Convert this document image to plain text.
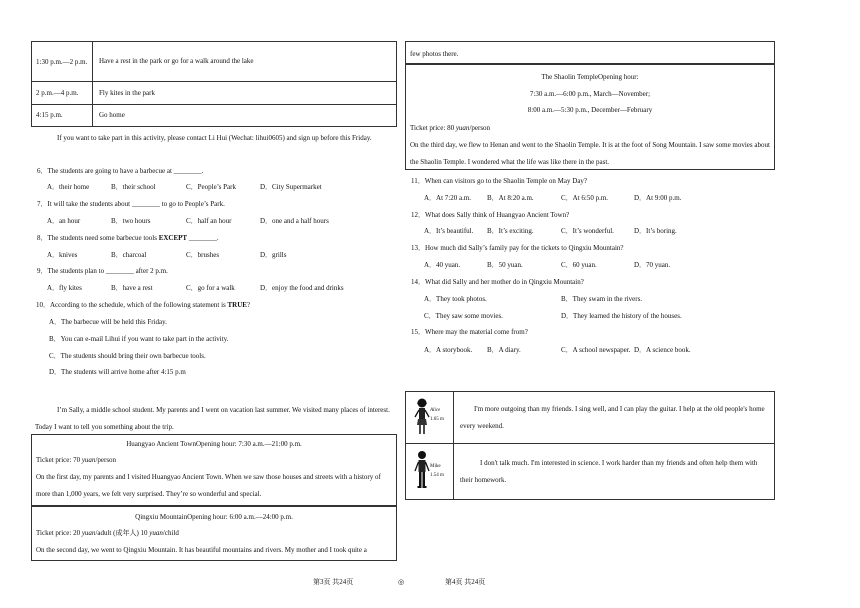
1:30 p.m.—2 p.m.	Have a rest in the park or go for a walk around the lake
2 p.m.—4 p.m.	Fly kites in the park
4:15 p.m.	Go home

If you want to take part in this activity, please contact Li Hui (Wechat: lihui0605) and sign up before this Friday.

6．The students are going to have a barbecue at ________.
A．their home	B．their school	C．People’s Park	D．City Supermarket
7．It will take the students about ________ to go to People’s Park.
A．an hour	B．two hours	C．half an hour	D．one and a half hours
8．The students need some barbecue tools EXCEPT ________.
A．knives	B．charcoal	C．brushes	D．grills
9．The students plan to ________ after 2 p.m.
A．fly kites	B．have a rest	C．go for a walk	D．enjoy the food and drinks
10．According to the schedule, which of the following statement is TRUE?
A．The barbecue will be held this Friday.
B．You can e-mail Lihui if you want to take part in the activity.
C．The students should bring their own barbecue tools.
D．The students will arrive home after 4:15 p.m

I’m Sally, a middle school student. My parents and I went on vacation last summer. We visited many places of interest. Today I want to tell you something about the trip.

Huangyao Ancient TownOpening hour: 7:30 a.m.—21:00 p.m.
Ticket price: 70 yuan/person

On the first day, my parents and I visited Huangyao Ancient Town. When we saw those houses and streets with a history of more than 1,000 years, we felt very surprised. They’re so wonderful and special.

Qingxiu MountainOpening hour: 6:00 a.m.—24:00 p.m.
Ticket price: 20 yuan/adult (成年人) 10 yuan/child

On the second day, we went to Qingxiu Mountain. It has beautiful mountains and rivers. My mother and I took quite a

few photos there.
The Shaolin TempleOpening hour:
7:30 a.m.—6:00 p.m., March—November;
8:00 a.m.—5:30 p.m., December—February
Ticket price: 80 yuan/person

On the third day, we flew to Henan and went to the Shaolin Temple. It is at the foot of Song Mountain. I saw some movies about the Shaolin Temple. I wondered what the life was like there in the past.

11．When can visitors go to the Shaolin Temple on May Day?
A．At 7:20 a.m. B．At 8:20 a.m.	C．At 6:50 p.m.	D．At 9:00 p.m.
12．What does Sally think of Huangyao Ancient Town?
A．It’s beautiful. B．It’s exciting.	C．It’s wonderful.	D．It’s boring.
13．How much did Sally’s family pay for the tickets to Qingxiu Mountain?
A．40 yuan.	B．50 yuan.	C．60 yuan.	D．70 yuan.
14．What did Sally and her mother do in Qingxiu Mountain?
A．They took photos.	B．They swam in the rivers.
C．They saw some movies.	D．They learned the history of the houses.
15．Where may the material come from?
A．A storybook. B．A diary.	C．A school newspaper. D．A science book.
Alice
1.65 m	I'm more outgoing than my friends. I sing well, and I can play the guitar. I help at the old people's home every weekend.

Mike
1.54 m	I don't talk much. I'm interested in science. I work harder than my friends and often help them with their homework.
第3页 共24页	◎	第4页 共24页
